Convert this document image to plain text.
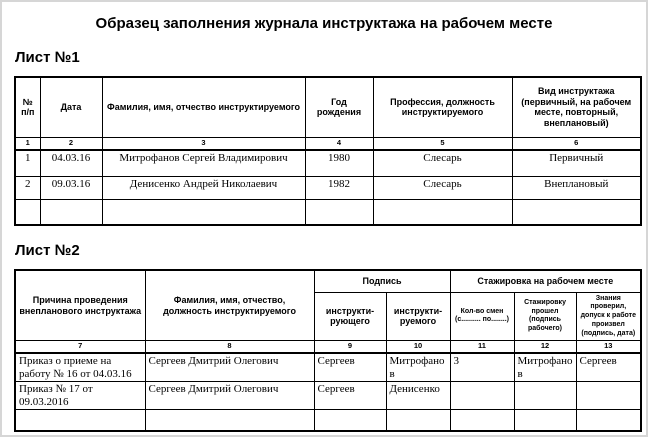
Образец заполнения журнала инструктажа на рабочем месте
Лист №1
№ п/п	Дата	Фамилия, имя, отчество инструктируемого	Год рождения	Профессия, должность инструктируемого	Вид инструктажа (первичный, на рабочем месте, повторный, внеплановый)
1	2	3	4	5	6
1	04.03.16	Митрофанов Сергей Владимирович	1980	Слесарь	Первичный
2	09.03.16	Денисенко Андрей Николаевич	1982	Слесарь	Внеплановый

Лист №2
Причина проведения внепланового инструктажа	Фамилия, имя, отчество, должность инструктируемого	Подпись		Стажировка на рабочем месте		
		инструкти-рующего	инструкти-руемого	Кол-во смен (с.......... по........)	Стажировку прошел (подпись рабочего)	Знания проверил, допуск к работе произвел (подпись, дата)
7	8	9	10	11	12	13
Приказ о приеме на работу № 16 от 04.03.16	Сергеев Дмитрий Олегович	Сергеев	Митрофанов	3	Митрофанов	Сергеев
Приказ № 17 от 09.03.2016	Сергеев Дмитрий Олегович	Сергеев	Денисенко			
